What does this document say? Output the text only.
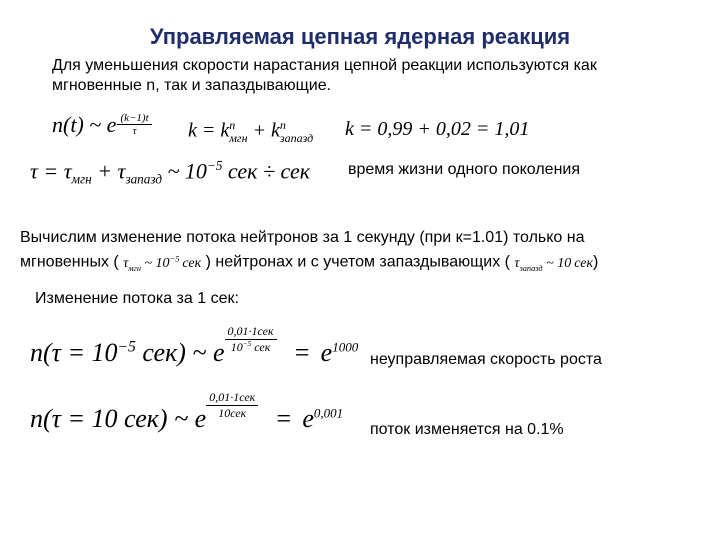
Управляемая цепная ядерная реакция
Для уменьшения скорости нарастания цепной реакции используются как
мгновенные n, так и запаздывающие.
n(t) ~ e $\frac{(k-1)t}{\tau}$ $k = k^n_{мгн} + k^n_{запазд}$ k = 0,99 + 0,02 = 1,01
$\tau = \tau_{мгн} + \tau_{запазд}$ ~ $10^{-5}$ сек ÷ сек время жизни одного поколения
Вычислим изменение потока нейтронов за 1 секунду (при к=1.01) только на
мгновенных ( $\tau_{мгн}$ ~ $10^{-5}$ сек ) нейтронах и с учетом запаздывающих ( $\tau_{запазд}$ ~ 10 сек)
Изменение потока за 1 сек:
$n(\tau = 10^{-5}$ сек) ~ e $\frac{\text{0,01·1сек}}{10^{-5} сек} = e^{1000}$
неуправляемая скорость роста
n(τ = 10 сек) ~ e $\frac{\text{0,01·1сек}}{\text{10сек}} = e^{0,001}$
поток изменяется на 0.1%
